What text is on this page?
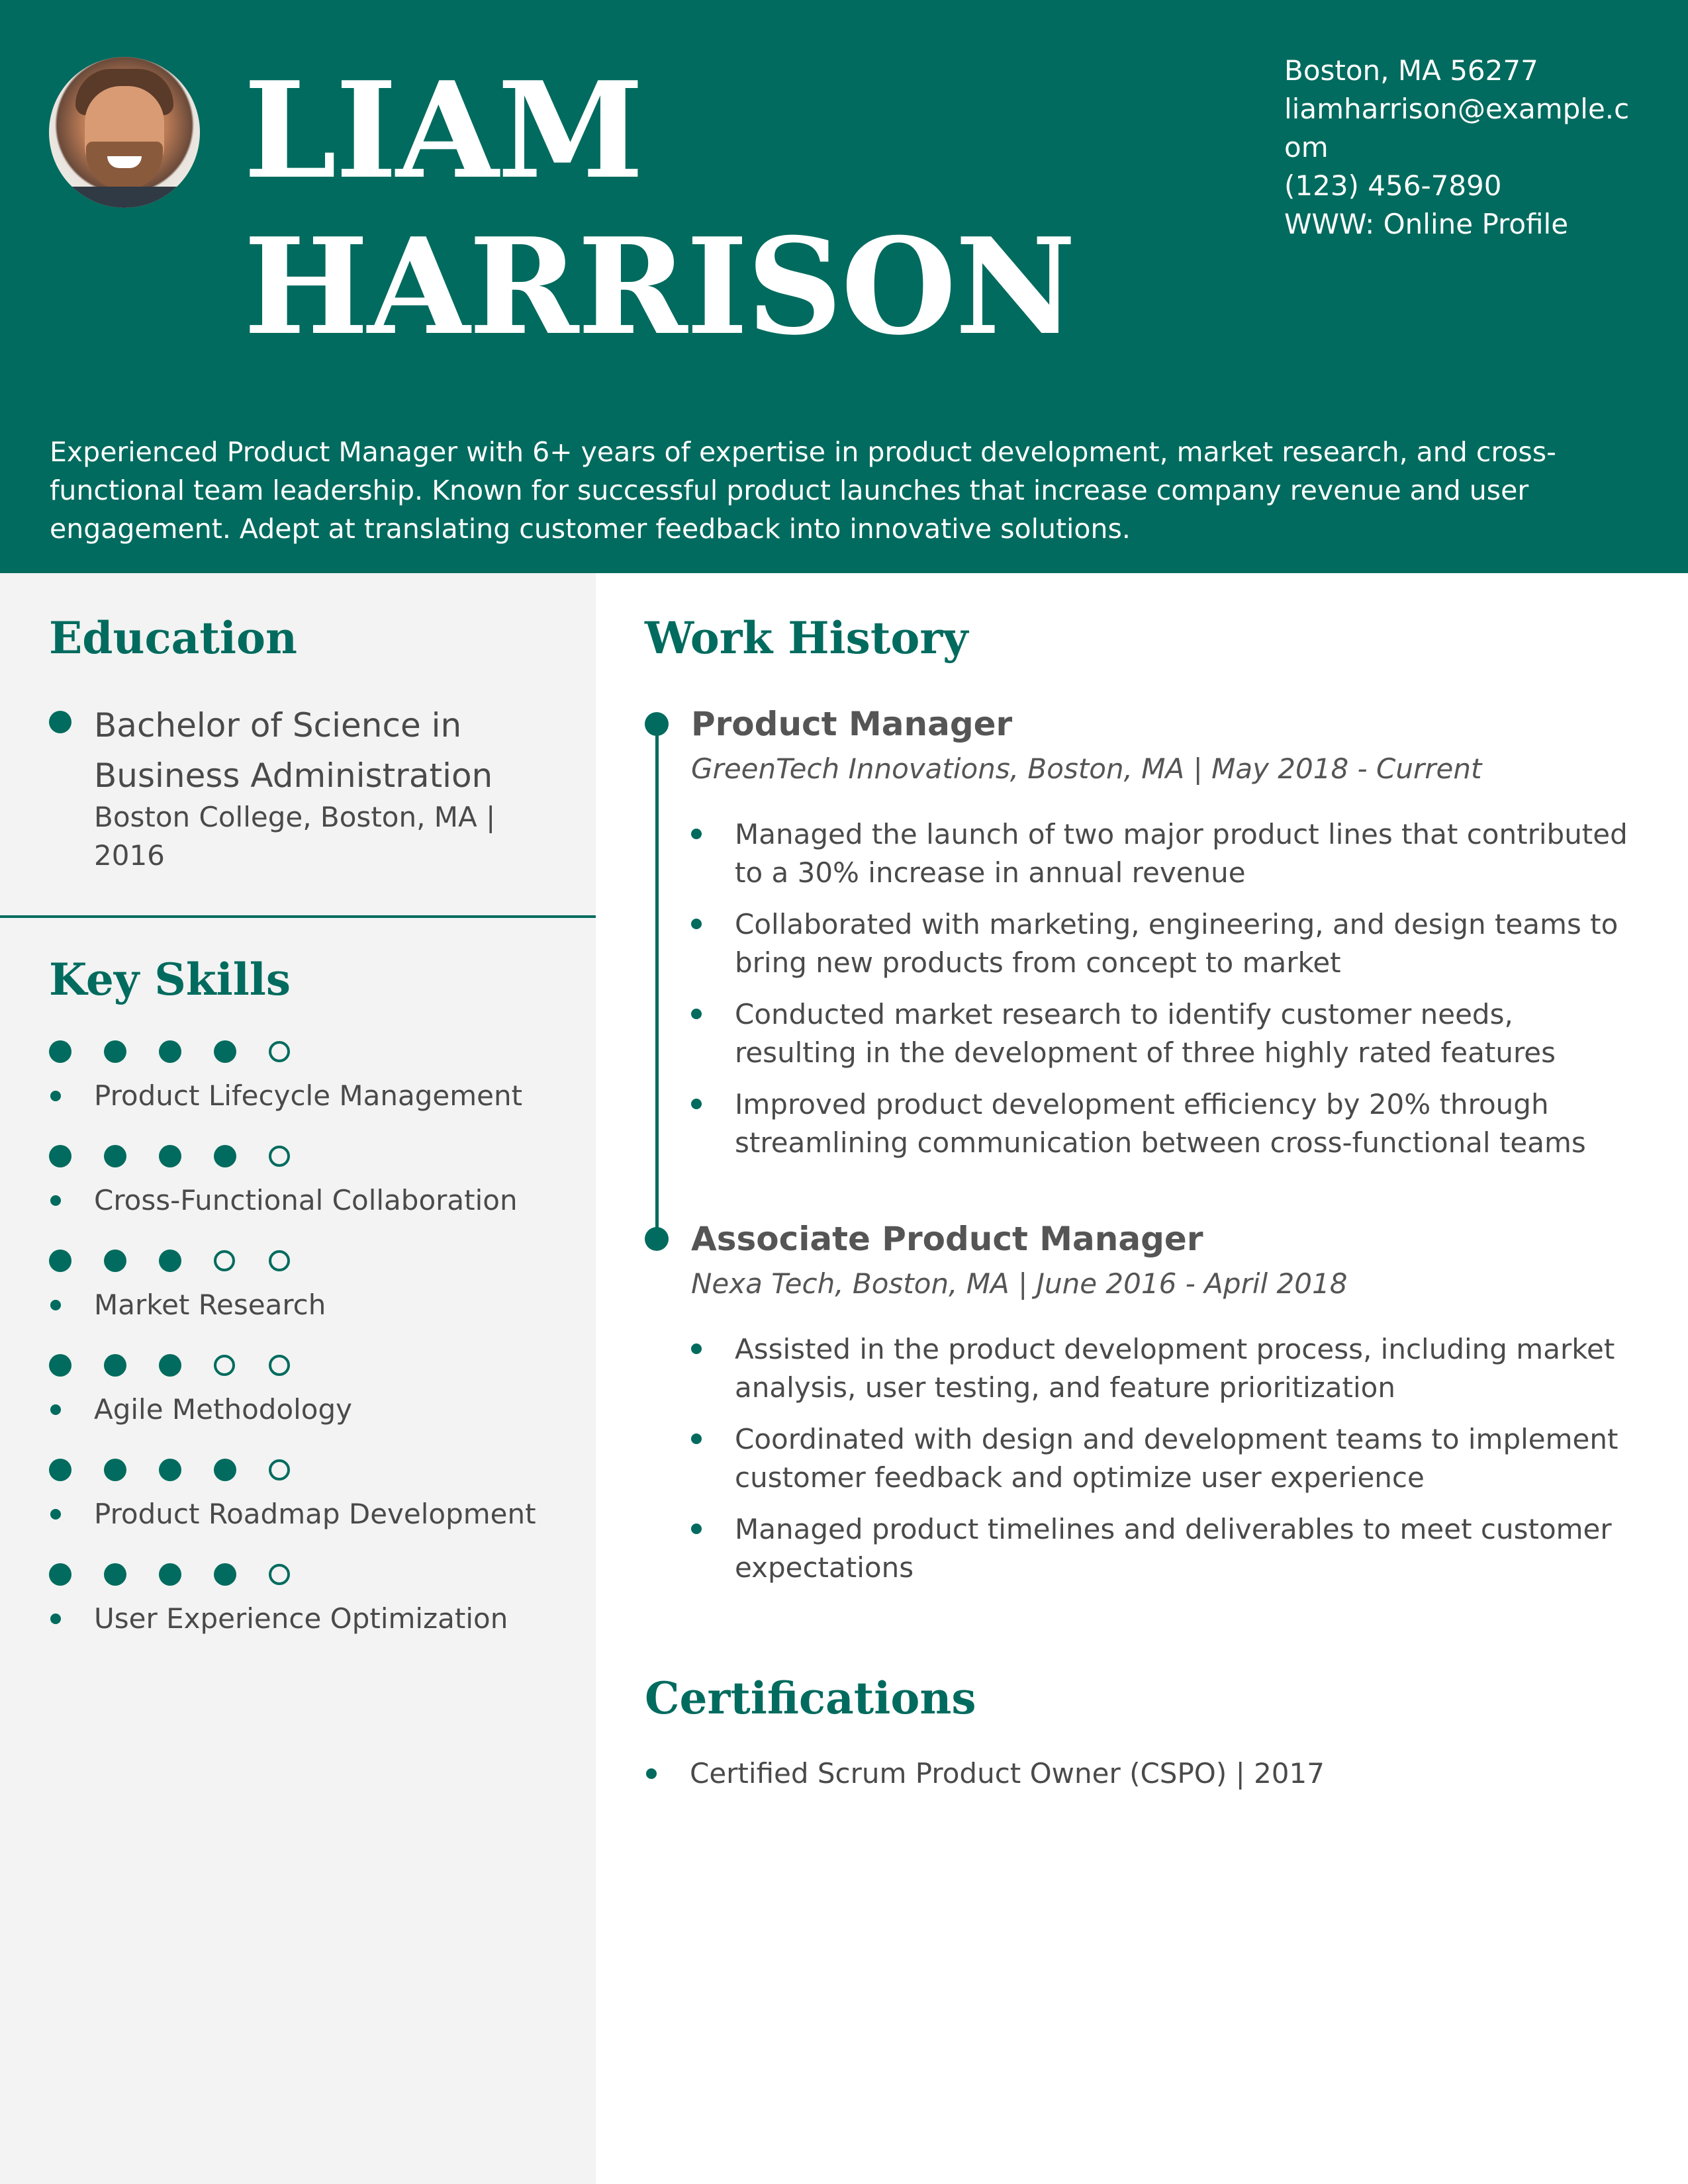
LIAM
HARRISON
Boston, MA 56277
liamharrison@example.com
(123) 456-7890
WWW: Online Profile
Experienced Product Manager with 6+ years of expertise in product development, market research, and cross-functional team leadership. Known for successful product launches that increase company revenue and user engagement. Adept at translating customer feedback into innovative solutions.
Education
Bachelor of Science in Business Administration
Boston College, Boston, MA | 2016
Key Skills
Product Lifecycle Management
Cross-Functional Collaboration
Market Research
Agile Methodology
Product Roadmap Development
User Experience Optimization
Work History
Product Manager
GreenTech Innovations, Boston, MA | May 2018 - Current
Managed the launch of two major product lines that contributed to a 30% increase in annual revenue
Collaborated with marketing, engineering, and design teams to bring new products from concept to market
Conducted market research to identify customer needs, resulting in the development of three highly rated features
Improved product development efficiency by 20% through streamlining communication between cross-functional teams
Associate Product Manager
Nexa Tech, Boston, MA | June 2016 - April 2018
Assisted in the product development process, including market analysis, user testing, and feature prioritization
Coordinated with design and development teams to implement customer feedback and optimize user experience
Managed product timelines and deliverables to meet customer expectations
Certifications
Certified Scrum Product Owner (CSPO) | 2017
